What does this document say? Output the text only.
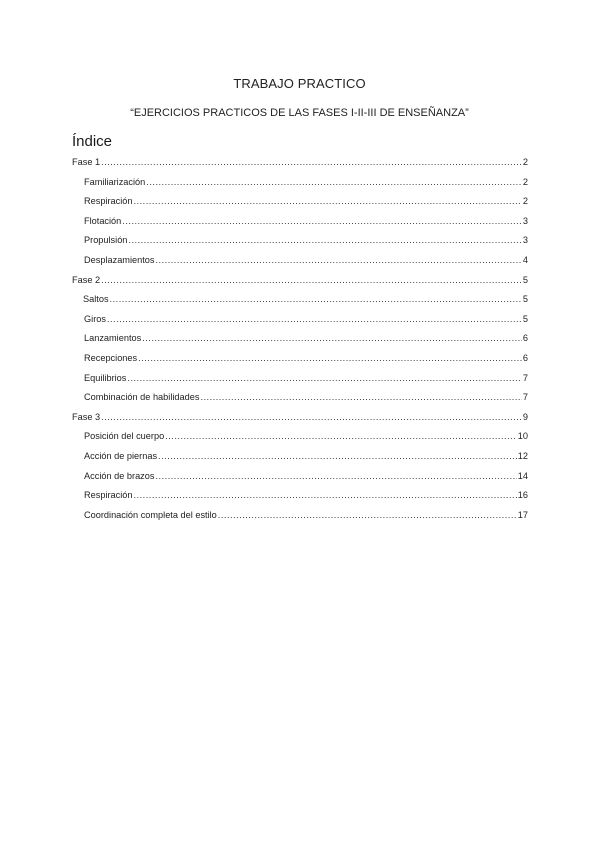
TRABAJO PRACTICO
“EJERCICIOS PRACTICOS DE LAS FASES I-II-III DE ENSEÑANZA”
Índice
Fase 1 .....	2
Familiarización .....	2
Respiración .....	2
Flotación .....	3
Propulsión .....	3
Desplazamientos .....	4
Fase 2 .....	5
Saltos .....	5
Giros .....	5
Lanzamientos .....	6
Recepciones .....	6
Equilibrios .....	7
Combinación de habilidades .....	7
Fase 3 .....	9
Posición del cuerpo .....	10
Acción de piernas .....	12
Acción de brazos .....	14
Respiración .....	16
Coordinación completa del estilo .....	17
